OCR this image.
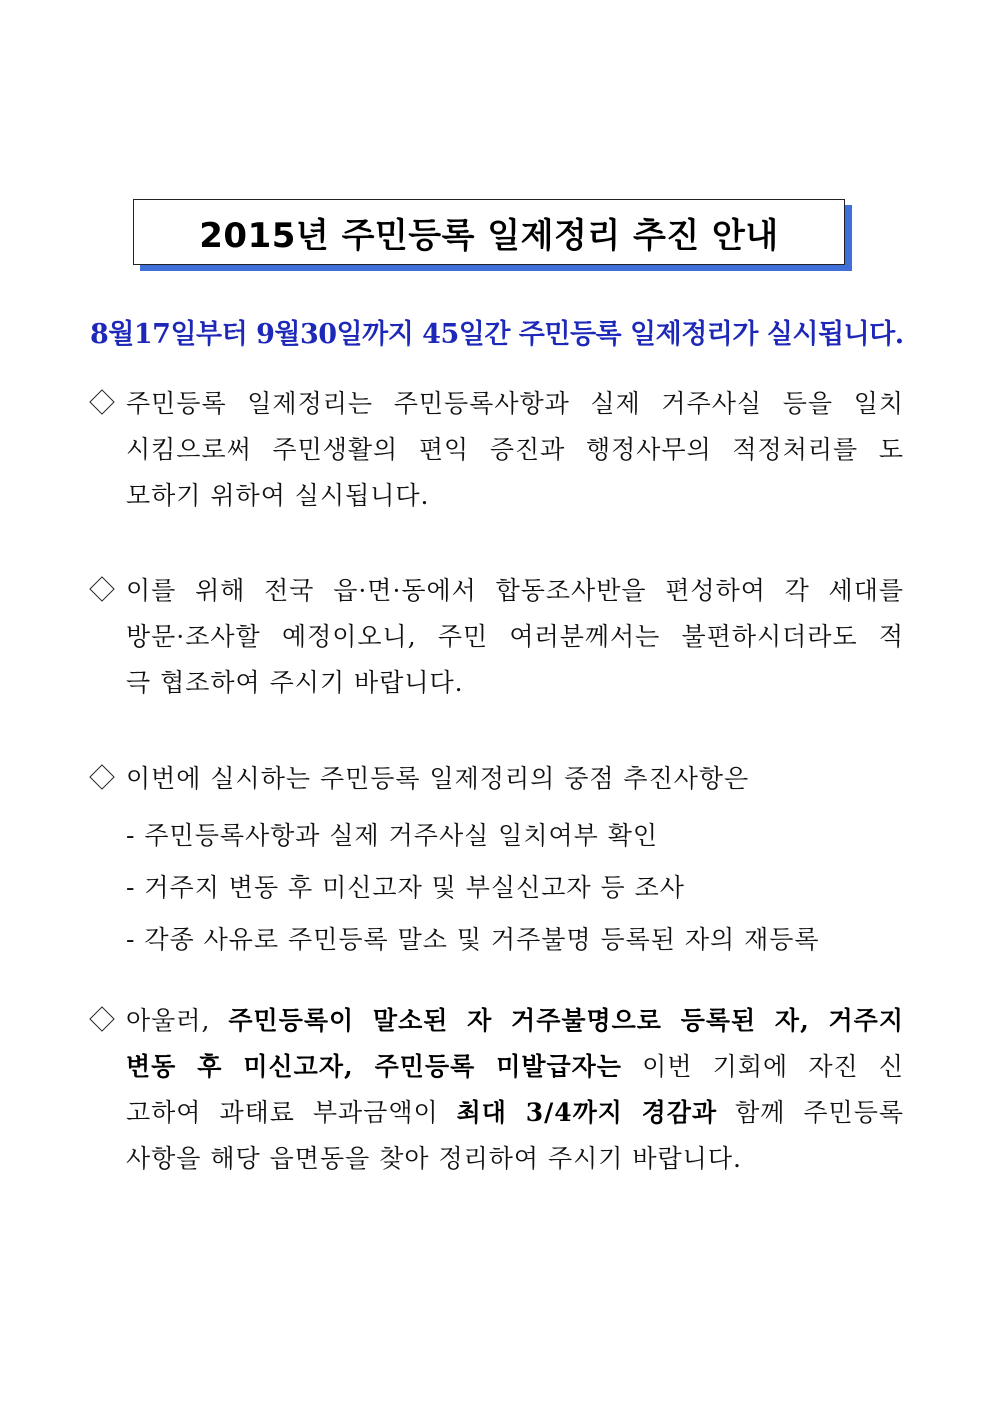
2015년 주민등록 일제정리 추진 안내
8월17일부터 9월30일까지 45일간 주민등록 일제정리가 실시됩니다.
주민등록 일제정리는 주민등록사항과 실제 거주사실 등을 일치
시킴으로써 주민생활의 편익 증진과 행정사무의 적정처리를 도
모하기 위하여 실시됩니다.
이를 위해 전국 읍·면·동에서 합동조사반을 편성하여 각 세대를
방문·조사할 예정이오니, 주민 여러분께서는 불편하시더라도 적
극 협조하여 주시기 바랍니다.
이번에 실시하는 주민등록 일제정리의 중점 추진사항은
- 주민등록사항과 실제 거주사실 일치여부 확인
- 거주지 변동 후 미신고자 및 부실신고자 등 조사
- 각종 사유로 주민등록 말소 및 거주불명 등록된 자의 재등록
아울러, 주민등록이 말소된 자 거주불명으로 등록된 자, 거주지
변동 후 미신고자, 주민등록 미발급자는 이번 기회에 자진 신
고하여 과태료 부과금액이 최대 3/4까지 경감과 함께 주민등록
사항을 해당 읍면동을 찾아 정리하여 주시기 바랍니다.
